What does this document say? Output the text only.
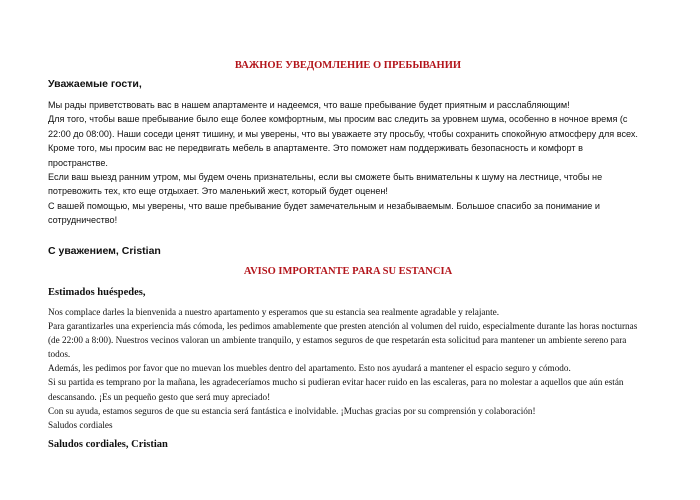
ВАЖНОЕ УВЕДОМЛЕНИЕ О ПРЕБЫВАНИИ

Уважаемые гости,

Мы рады приветствовать вас в нашем апартаменте и надеемся, что ваше пребывание будет приятным и расслабляющим!
Для того, чтобы ваше пребывание было еще более комфортным, мы просим вас следить за уровнем шума, особенно в ночное время (с 22:00 до 08:00). Наши соседи ценят тишину, и мы уверены, что вы уважаете эту просьбу, чтобы сохранить спокойную атмосферу для всех.
Кроме того, мы просим вас не передвигать мебель в апартаменте. Это поможет нам поддерживать безопасность и комфорт в пространстве.
Если ваш выезд ранним утром, мы будем очень признательны, если вы сможете быть внимательны к шуму на лестнице, чтобы не потревожить тех, кто еще отдыхает. Это маленький жест, который будет оценен!
С вашей помощью, мы уверены, что ваше пребывание будет замечательным и незабываемым. Большое спасибо за понимание и сотрудничество!

С уважением, Cristian

AVISO IMPORTANTE PARA SU ESTANCIA

Estimados huéspedes,

Nos complace darles la bienvenida a nuestro apartamento y esperamos que su estancia sea realmente agradable y relajante.
Para garantizarles una experiencia más cómoda, les pedimos amablemente que presten atención al volumen del ruido, especialmente durante las horas nocturnas (de 22:00 a 8:00). Nuestros vecinos valoran un ambiente tranquilo, y estamos seguros de que respetarán esta solicitud para mantener un ambiente sereno para todos.
Además, les pedimos por favor que no muevan los muebles dentro del apartamento. Esto nos ayudará a mantener el espacio seguro y cómodo.
Si su partida es temprano por la mañana, les agradeceríamos mucho si pudieran evitar hacer ruido en las escaleras, para no molestar a aquellos que aún están descansando. ¡Es un pequeño gesto que será muy apreciado!
Con su ayuda, estamos seguros de que su estancia será fantástica e inolvidable. ¡Muchas gracias por su comprensión y colaboración!

Saludos cordiales

Saludos cordiales, Cristian
